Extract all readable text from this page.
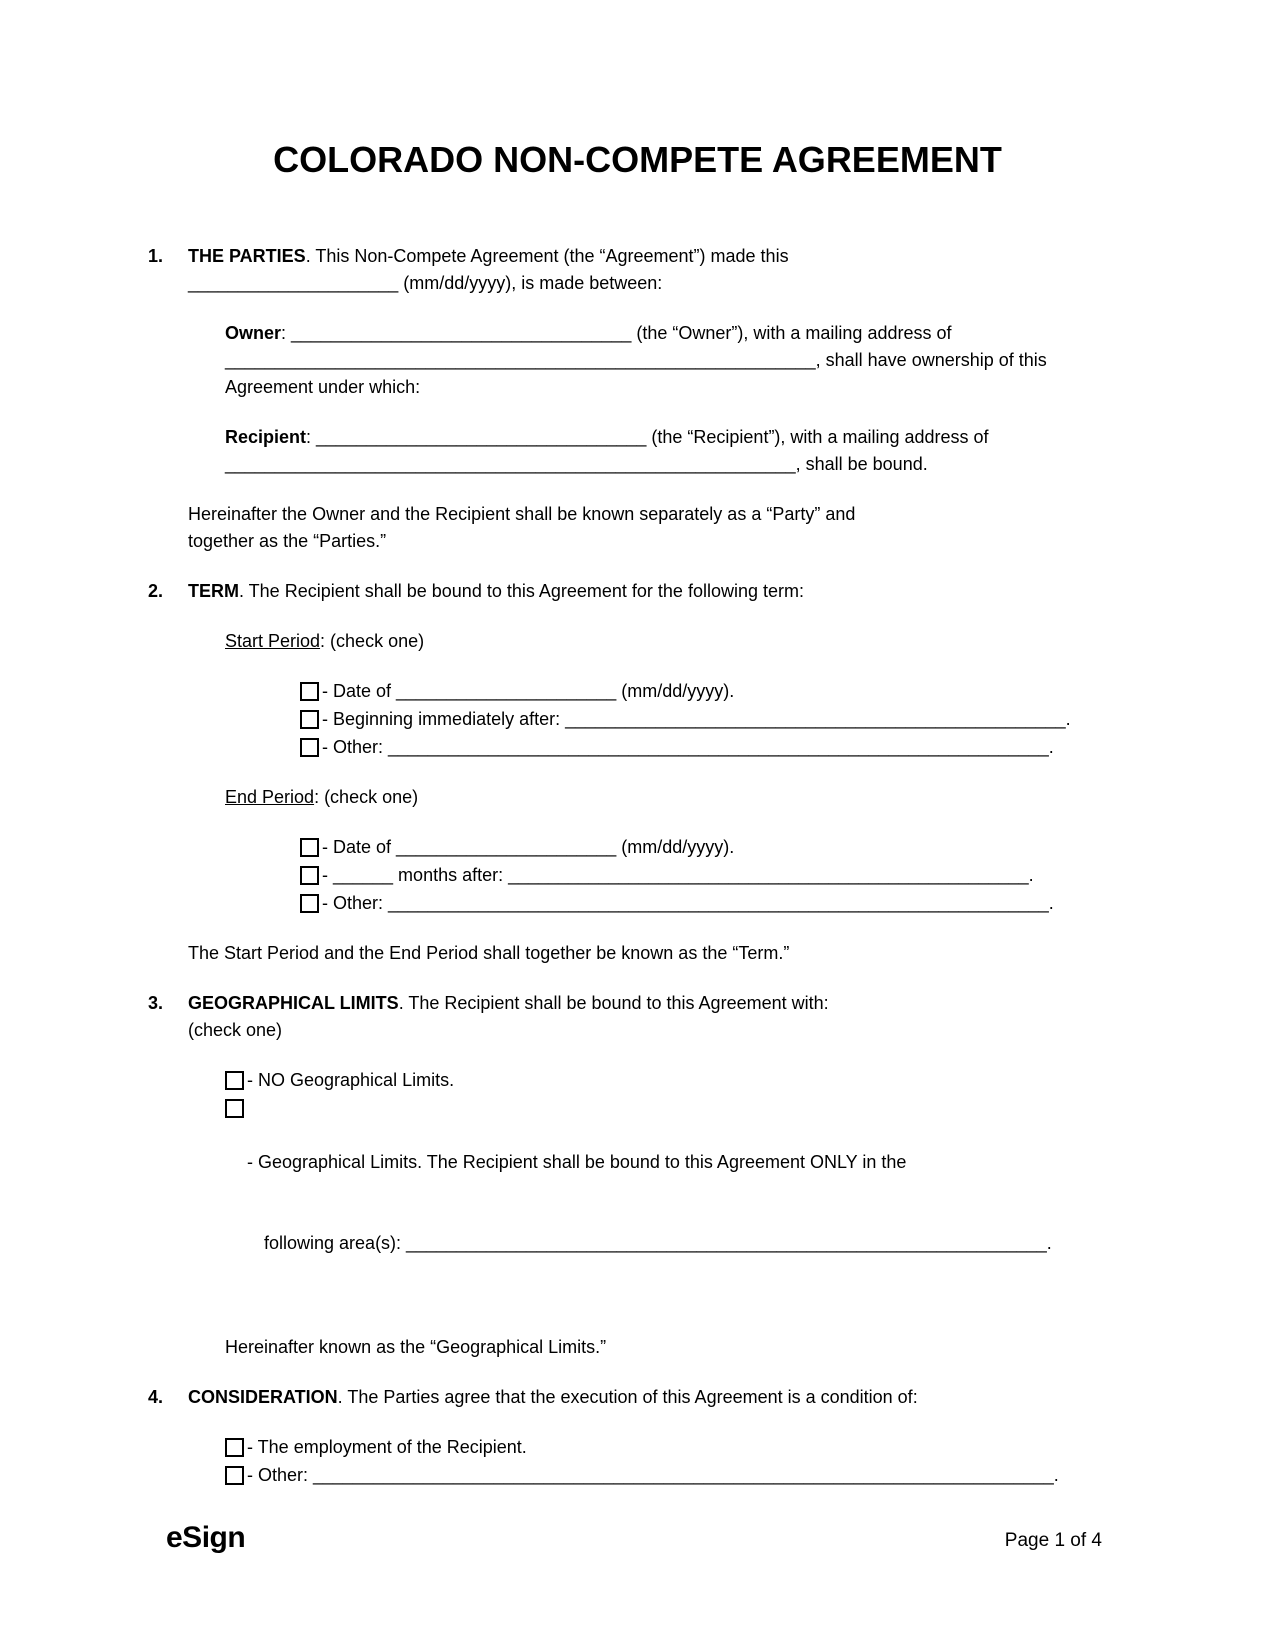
COLORADO NON-COMPETE AGREEMENT
1.	THE PARTIES. This Non-Compete Agreement (the “Agreement”) made this
_____________________ (mm/dd/yyyy), is made between:
Owner: __________________________________ (the “Owner”), with a mailing address of
___________________________________________________________, shall have ownership of this
Agreement under which:
Recipient: _________________________________ (the “Recipient”), with a mailing address of
_________________________________________________________, shall be bound.
Hereinafter the Owner and the Recipient shall be known separately as a “Party” and
together as the “Parties.”
2.	TERM. The Recipient shall be bound to this Agreement for the following term:
Start Period: (check one)
- Date of ______________________ (mm/dd/yyyy).
- Beginning immediately after: __________________________________________________.
- Other: __________________________________________________________________.
End Period: (check one)
- Date of ______________________ (mm/dd/yyyy).
- ______ months after: ____________________________________________________.
- Other: __________________________________________________________________.
The Start Period and the End Period shall together be known as the “Term.”
3.	GEOGRAPHICAL LIMITS. The Recipient shall be bound to this Agreement with:
(check one)
- NO Geographical Limits.

- Geographical Limits. The Recipient shall be bound to this Agreement ONLY in the

following area(s): ________________________________________________________________.

Hereinafter known as the “Geographical Limits.”
4.	CONSIDERATION. The Parties agree that the execution of this Agreement is a condition of:
- The employment of the Recipient.
- Other: __________________________________________________________________________.
eSign	Page 1 of 4
